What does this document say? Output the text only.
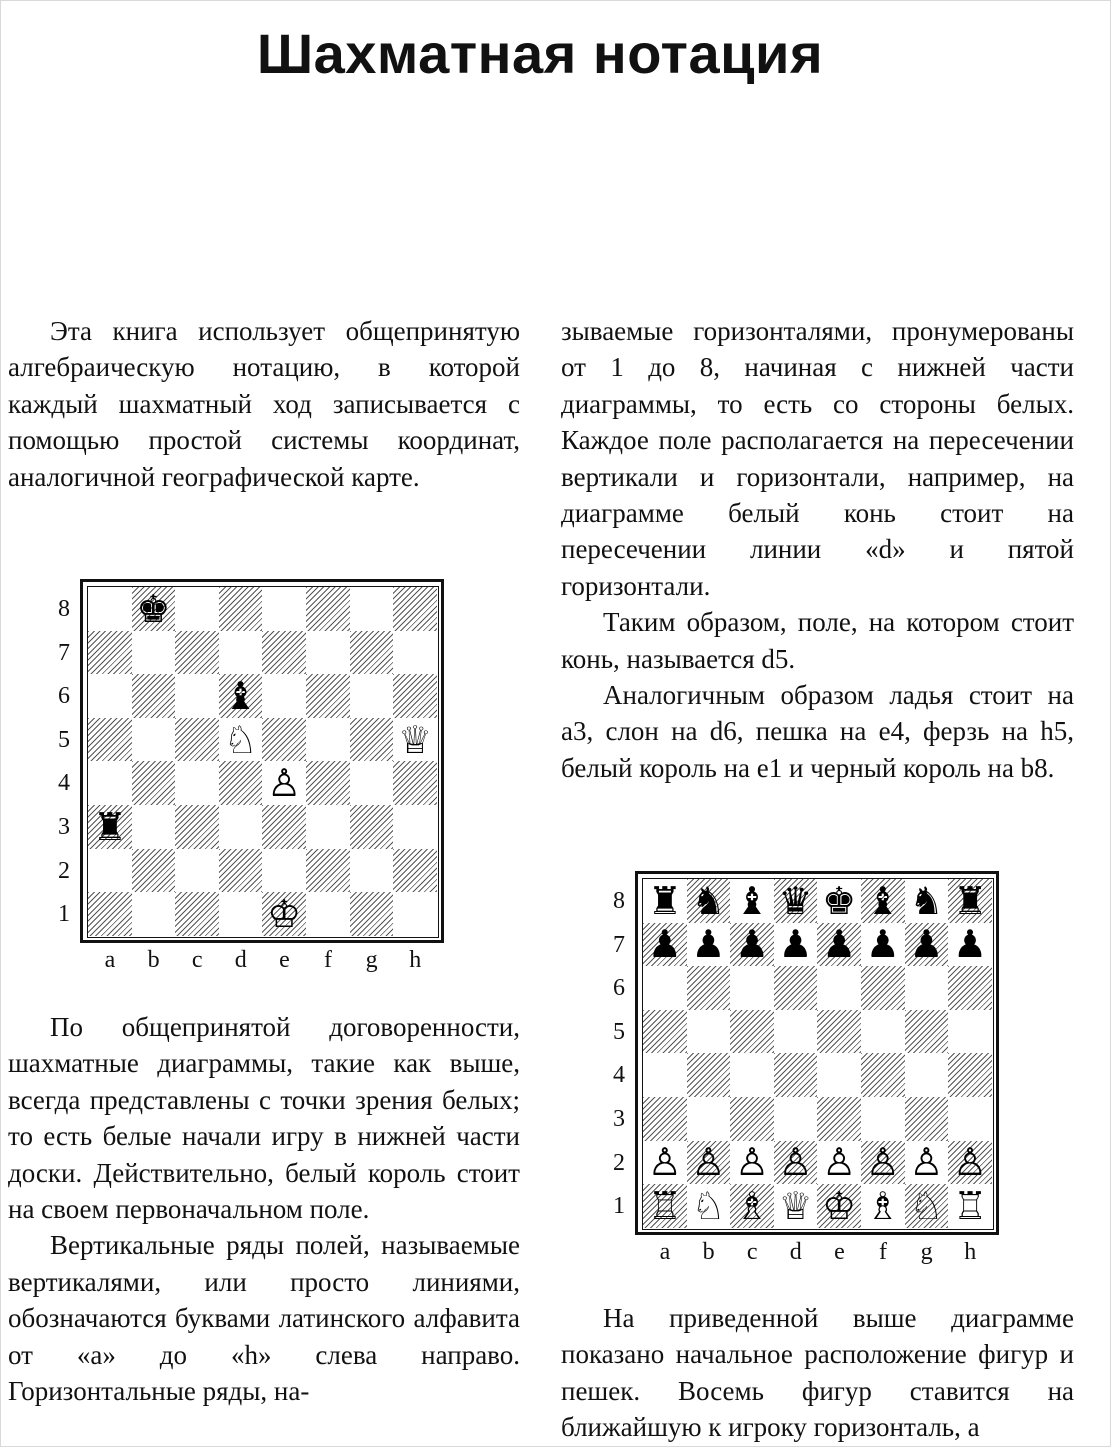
Шахматная нотация

Эта книга использует общепринятую алгебраическую нотацию, в которой каждый шахматный ход записывается с помощью простой системы координат, аналогичной географической карте.

♚
♝
♘	♕
♙
♜
♔
8
7
6
5
4
3
2
1
a b c d e f g h

По общепринятой договоренности, шахматные диаграммы, такие как выше, всегда представлены с точки зрения белых; то есть белые начали игру в нижней части доски. Действительно, белый король стоит на своем первоначальном поле.

Вертикальные ряды полей, называемые вертикалями, или просто линиями, обозначаются буквами латинского алфавита от «a» до «h» слева направо. Горизонтальные ряды, на-

зываемые горизонталями, пронумерованы от 1 до 8, начиная с нижней части диаграммы, то есть со стороны белых. Каждое поле располагается на пересечении вертикали и горизонтали, например, на диаграмме белый конь стоит на пересечении линии «d» и пятой горизонтали.

Таким образом, поле, на котором стоит конь, называется d5.

Аналогичным образом ладья стоит на a3, слон на d6, пешка на e4, ферзь на h5, белый король на e1 и черный король на b8.

♜ ♞ ♝ ♛ ♚ ♝ ♞ ♜
♟ ♟ ♟ ♟ ♟ ♟ ♟ ♟
♙ ♙ ♙ ♙ ♙ ♙ ♙ ♙
♖ ♘ ♗ ♕ ♔ ♗ ♘ ♖
8
7
6
5
4
3
2
1
a b c d e f g h

На приведенной выше диаграмме показано начальное расположение фигур и пешек. Восемь фигур ставится на ближайшую к игроку горизонталь, а
